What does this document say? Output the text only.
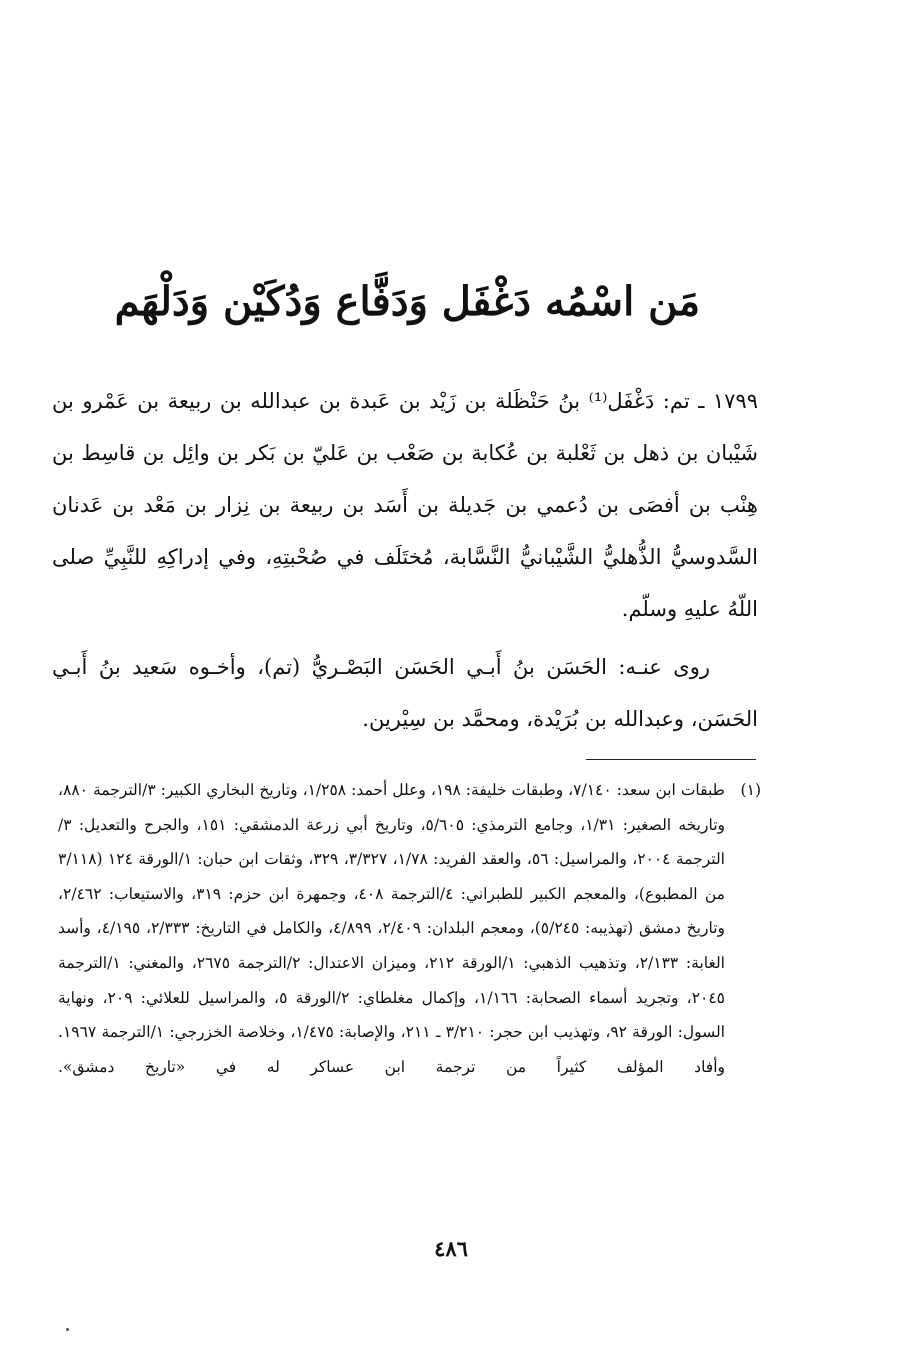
مَن اسْمُه دَغْفَل وَدَفَّاع وَدُكَيْن وَدَلْهَم

١٧٩٩ ـ تم: دَغْفَل⁽¹⁾ بنُ حَنْظَلة بن زَيْد بن عَبدة بن عبدالله بن ربيعة بن عَمْرو بن شَيْبان بن ذهل بن ثَعْلبة بن عُكابة بن صَعْب بن عَليّ بن بَكر بن وائِل بن قاسِط بن هِنْب بن أفصَى بن دُعمي بن جَديلة بن أَسَد بن ربيعة بن نِزار بن مَعْد بن عَدنان السَّدوسيُّ الذُّهليُّ الشَّيْبانيُّ النَّسَّابة، مُختَلَف في صُحْبتِهِ، وفي إدراكِهِ للنَّبِيِّ صلى اللّهُ عليهِ وسلّم.

روى عنـه: الحَسَن بنُ أَبـي الحَسَن البَصْـريُّ (تم)، وأخـوه سَعيد بنُ أَبـي الحَسَن، وعبدالله بن بُرَيْدة، ومحمَّد بن سِيْرين.

(١)

طبقات ابن سعد: ٧/١٤٠، وطبقات خليفة: ١٩٨، وعلل أحمد: ١/٢٥٨، وتاريخ البخاري الكبير: ٣/الترجمة ٨٨٠، وتاريخه الصغير: ١/٣١، وجامع الترمذي: ٥/٦٠٥، وتاريخ أبي زرعة الدمشقي: ١٥١، والجرح والتعديل: ٣/الترجمة ٢٠٠٤، والمراسيل: ٥٦، والعقد الفريد: ١/٧٨، ٣/٣٢٧، ٣٢٩، وثقات ابن حبان: ١/الورقة ١٢٤ (٣/١١٨ من المطبوع)، والمعجم الكبير للطبراني: ٤/الترجمة ٤٠٨، وجمهرة ابن حزم: ٣١٩، والاستيعاب: ٢/٤٦٢، وتاريخ دمشق (تهذيبه: ٥/٢٤٥)، ومعجم البلدان: ٢/٤٠٩، ٤/٨٩٩، والكامل في التاريخ: ٢/٣٣٣، ٤/١٩٥، وأسد الغابة: ٢/١٣٣، وتذهيب الذهبي: ١/الورقة ٢١٢، وميزان الاعتدال: ٢/الترجمة ٢٦٧٥، والمغني: ١/الترجمة ٢٠٤٥، وتجريد أسماء الصحابة: ١/١٦٦، وإكمال مغلطاي: ٢/الورقة ٥، والمراسيل للعلائي: ٢٠٩، ونهاية السول: الورقة ٩٢، وتهذيب ابن حجر: ٣/٢١٠ ـ ٢١١، والإصابة: ١/٤٧٥، وخلاصة الخزرجي: ١/الترجمة ١٩٦٧. وأفاد المؤلف كثيراً من ترجمة ابن عساكر له في «تاريخ دمشق».

٤٨٦
